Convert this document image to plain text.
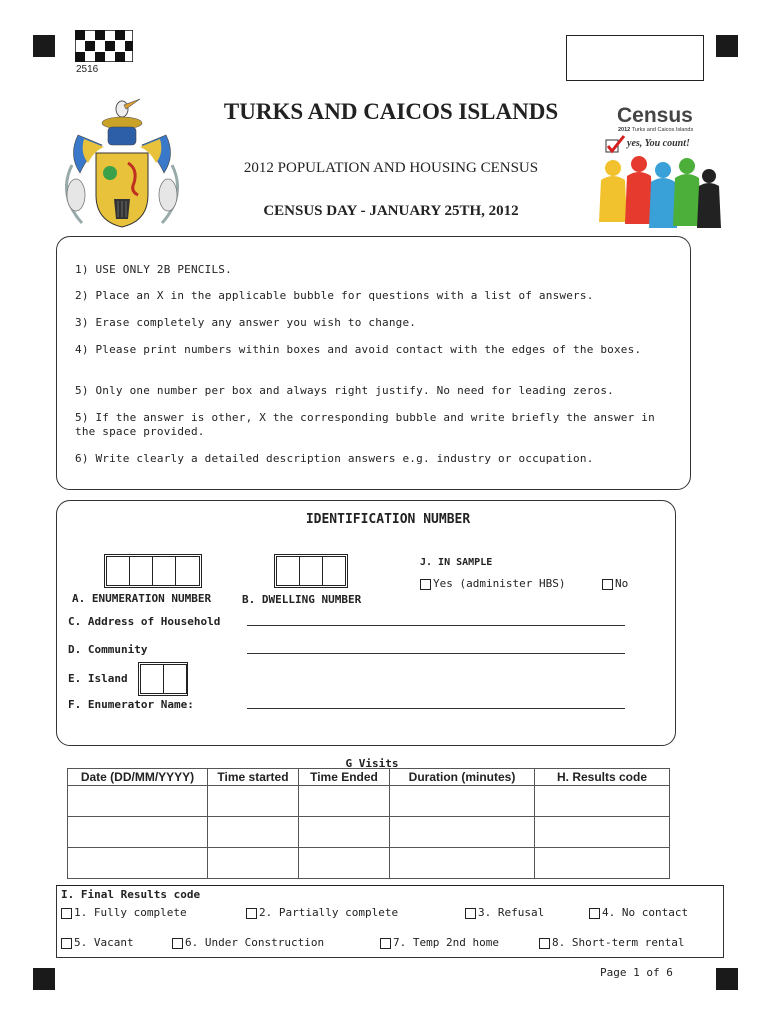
2516
TURKS AND CAICOS ISLANDS
2012 POPULATION AND HOUSING CENSUS
CENSUS DAY - JANUARY 25TH, 2012
Census
2012 Turks and Caicos Islands
yes, You count!

1) USE ONLY 2B PENCILS.

2) Place an X in the applicable bubble for questions with a list of answers.

3) Erase completely any answer you wish to change.

4) Please print numbers within boxes and avoid contact with the edges of the boxes.

5) Only one number per box and always right justify. No need for leading zeros.

5) If the answer is other, X the corresponding bubble and write briefly the answer in the space provided.

6) Write clearly a detailed description answers e.g. industry or occupation.

IDENTIFICATION NUMBER
A. ENUMERATION NUMBER	B. DWELLING NUMBER
J. IN SAMPLE
Yes (administer HBS)	No
C. Address of Household
D. Community
E. Island
F. Enumerator Name:
G Visits
Date (DD/MM/YYYY)	Time started	Time Ended	Duration (minutes)	H. Results code

I. Final Results code
1. Fully complete	2. Partially complete	3. Refusal	4. No contact
5. Vacant	6. Under Construction	7. Temp 2nd home	8. Short-term rental
Page 1 of 6
